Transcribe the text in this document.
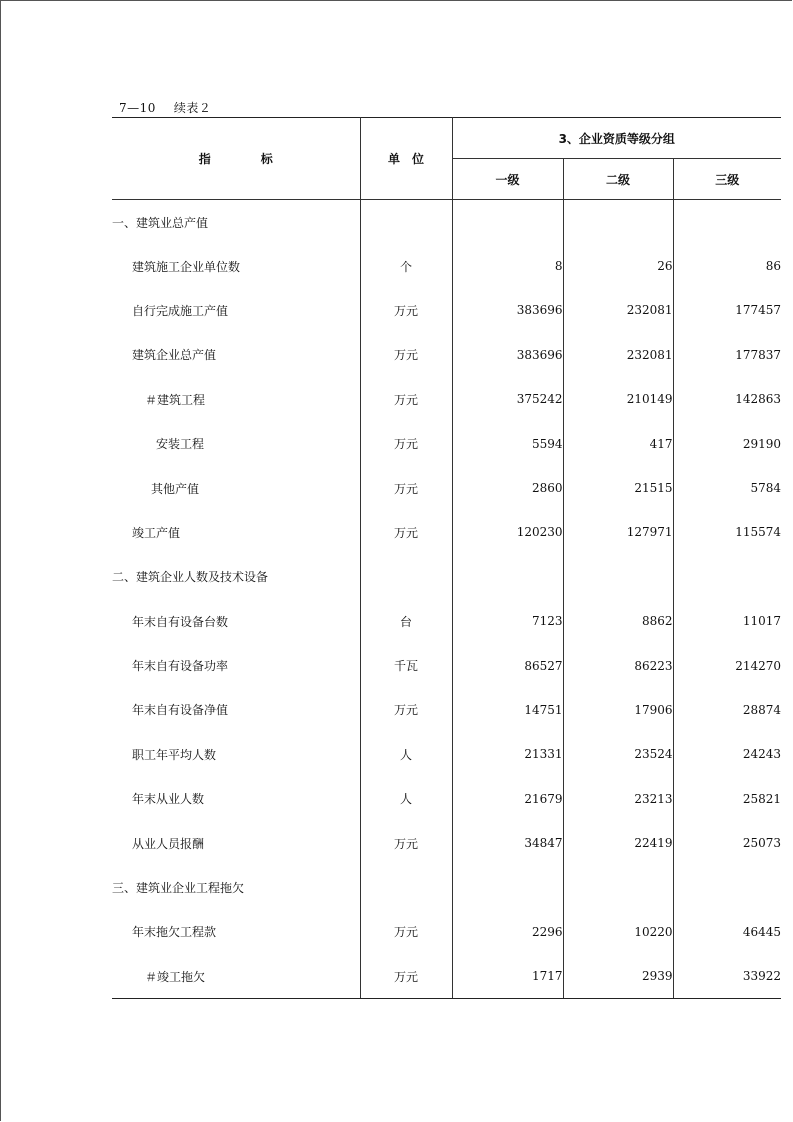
7—10 续表２
指标	单位	3、企业资质等级分组		
		一级	二级	三级
一、建筑业总产值				
建筑施工企业单位数	个	8	26	86
自行完成施工产值	万元	383696	232081	177457
建筑企业总产值	万元	383696	232081	177837
＃建筑工程	万元	375242	210149	142863
安装工程	万元	5594	417	29190
其他产值	万元	2860	21515	5784
竣工产值	万元	120230	127971	115574
二、建筑企业人数及技术设备				
年末自有设备台数	台	7123	8862	11017
年末自有设备功率	千瓦	86527	86223	214270
年末自有设备净值	万元	14751	17906	28874
职工年平均人数	人	21331	23524	24243
年末从业人数	人	21679	23213	25821
从业人员报酬	万元	34847	22419	25073
三、建筑业企业工程拖欠				
年末拖欠工程款	万元	2296	10220	46445
＃竣工拖欠	万元	1717	2939	33922
